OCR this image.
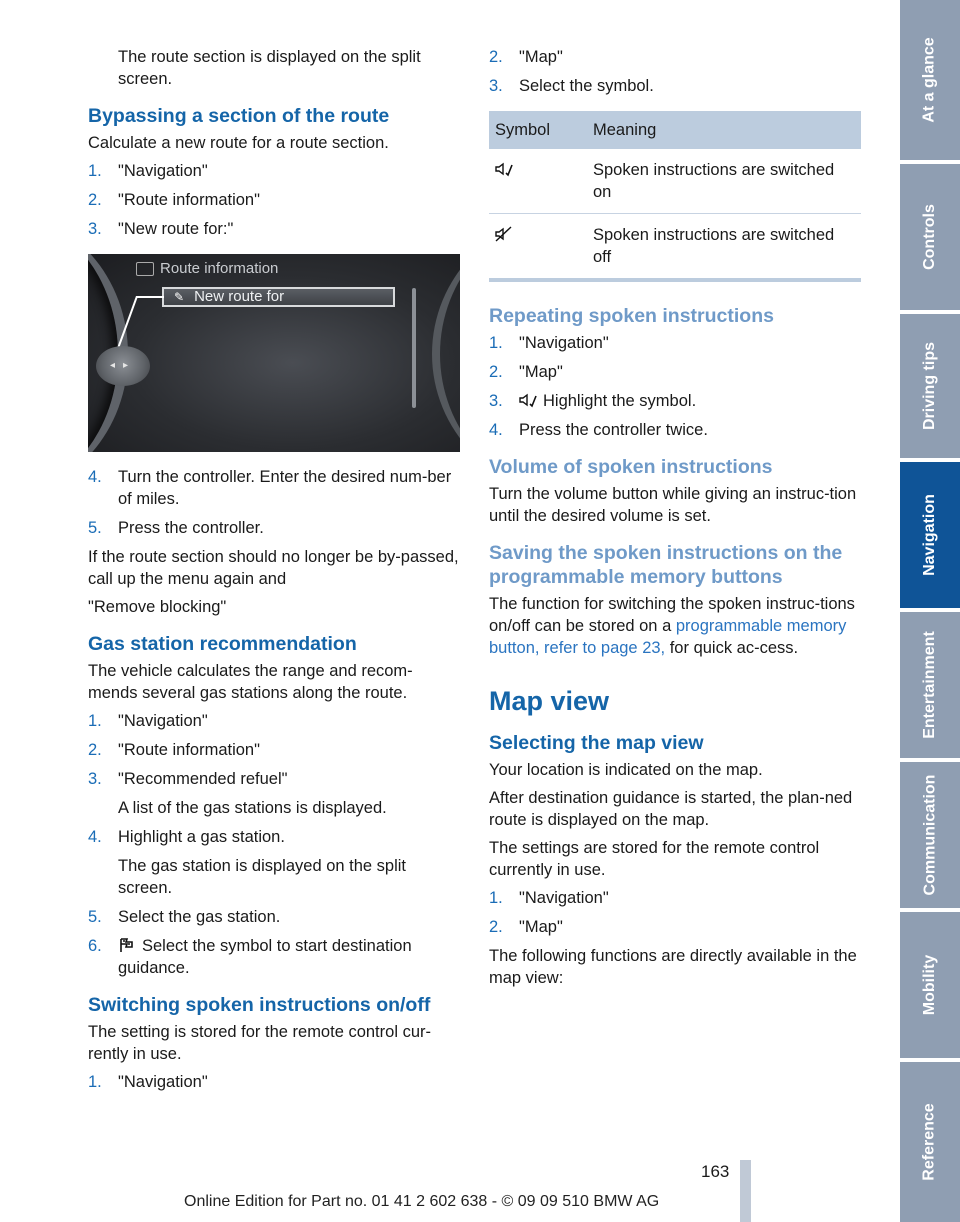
The route section is displayed on the split screen.

Bypassing a section of the route

Calculate a new route for a route section.

1. "Navigation"
2. "Route information"
3. "New route for:"
Route information
✎ New route for
◂▸
4. Turn the controller. Enter the desired num-ber of miles.
5. Press the controller.

If the route section should no longer be by-passed, call up the menu again and

"Remove blocking"

Gas station recommendation

The vehicle calculates the range and recom-mends several gas stations along the route.

1. "Navigation"
2. "Route information"
3. "Recommended refuel"
A list of the gas stations is displayed.
4. Highlight a gas station.
The gas station is displayed on the split screen.
5. Select the gas station.
6.	Select the symbol to start destination guidance.
Switching spoken instructions on/off

The setting is stored for the remote control cur-rently in use.

1. "Navigation"
2. "Map"
3. Select the symbol.
Symbol	Meaning

	Spoken instructions are switched on

	Spoken instructions are switched off
Repeating spoken instructions
1. "Navigation"
2. "Map"
3.	Highlight the symbol.
4. Press the controller twice.
Volume of spoken instructions

Turn the volume button while giving an instruc-tion until the desired volume is set.

Saving the spoken instructions on the programmable memory buttons

The function for switching the spoken instruc-tions on/off can be stored on a programmable memory button, refer to page 23, for quick ac-cess.

Map view
Selecting the map view

Your location is indicated on the map.

After destination guidance is started, the plan-ned route is displayed on the map.

The settings are stored for the remote control currently in use.

1. "Navigation"
2. "Map"

The following functions are directly available in the map view:

At a glance
Controls
Driving tips
Navigation
Entertainment
Communication
Mobility
Reference
163
Online Edition for Part no. 01 41 2 602 638 - © 09 09 510 BMW AG
